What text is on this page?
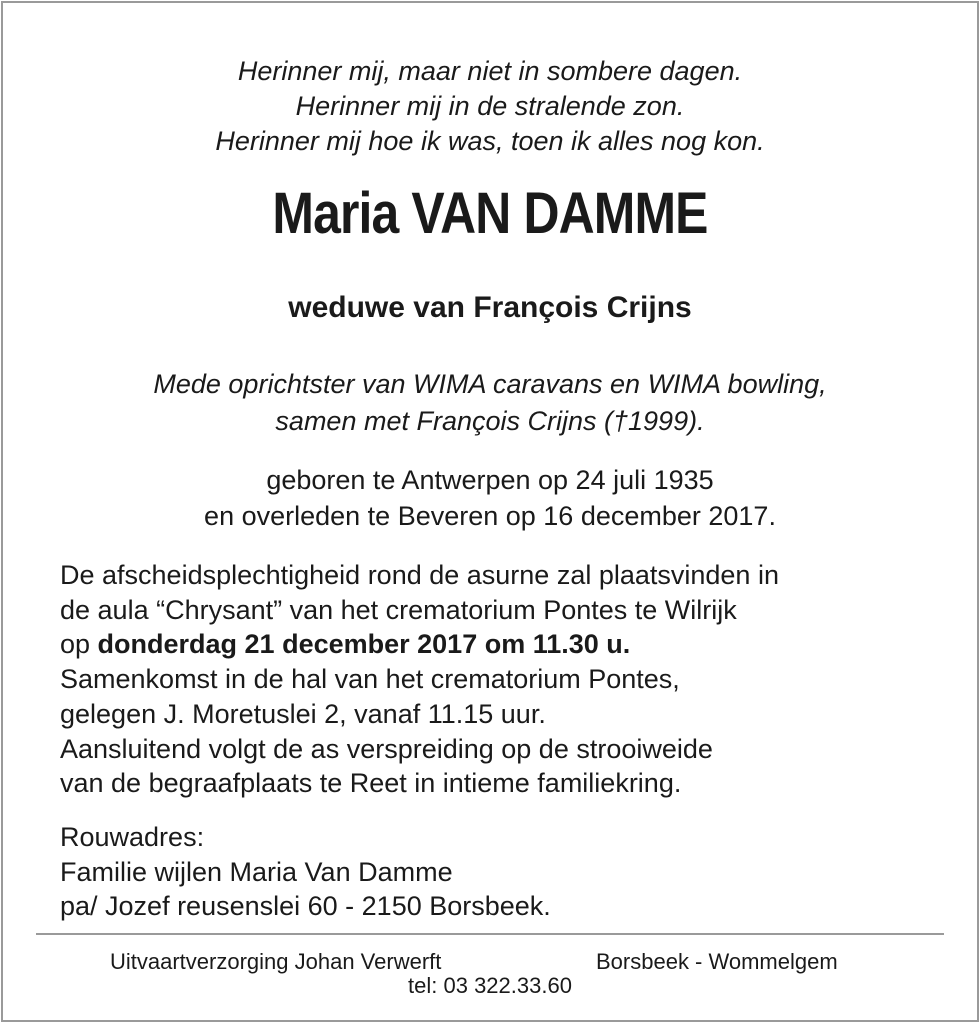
Herinner mij, maar niet in sombere dagen.
Herinner mij in de stralende zon.
Herinner mij hoe ik was, toen ik alles nog kon.
Maria VAN DAMME
weduwe van François Crijns
Mede oprichtster van WIMA caravans en WIMA bowling,
samen met François Crijns (†1999).
geboren te Antwerpen op 24 juli 1935
en overleden te Beveren op 16 december 2017.
De afscheidsplechtigheid rond de asurne zal plaatsvinden in
de aula “Chrysant” van het crematorium Pontes te Wilrijk
op donderdag 21 december 2017 om 11.30 u.
Samenkomst in de hal van het crematorium Pontes,
gelegen J. Moretuslei 2, vanaf 11.15 uur.
Aansluitend volgt de as verspreiding op de strooiweide
van de begraafplaats te Reet in intieme familiekring.
Rouwadres:
Familie wijlen Maria Van Damme
pa/ Jozef reusenslei 60 - 2150 Borsbeek.
Uitvaartverzorging Johan Verwerft	Borsbeek - Wommelgem
tel: 03 322.33.60
